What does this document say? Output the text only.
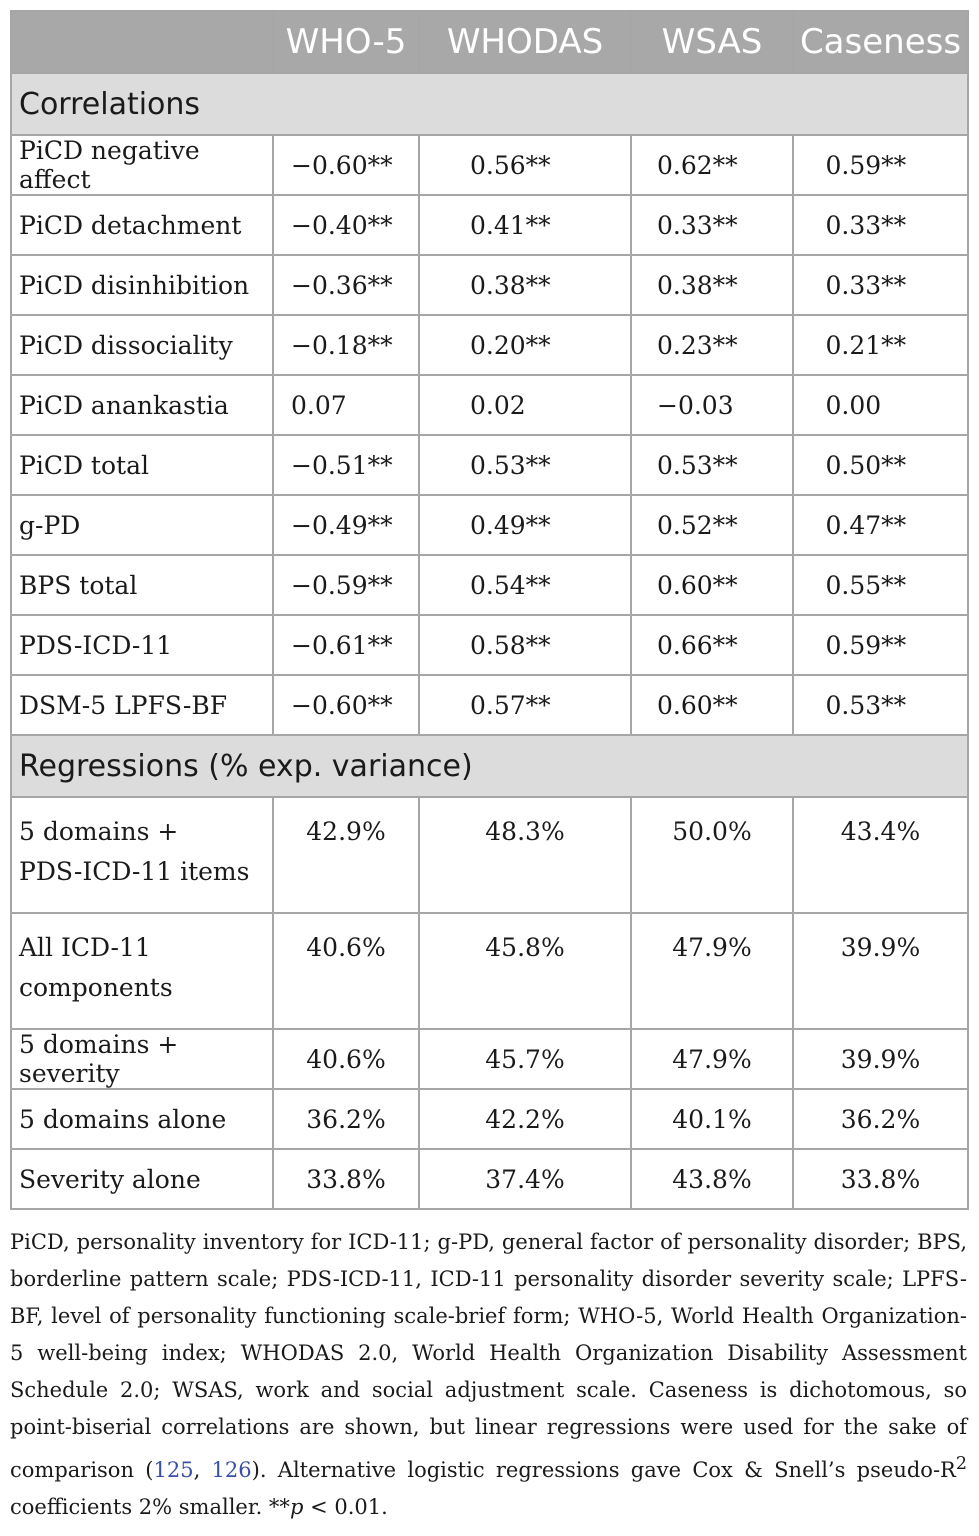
	WHO-5	WHODAS	WSAS	Caseness
Correlations				
PiCD negative affect	−0.60**	0.56**	0.62**	0.59**
PiCD detachment	−0.40**	0.41**	0.33**	0.33**
PiCD disinhibition	−0.36**	0.38**	0.38**	0.33**
PiCD dissociality	−0.18**	0.20**	0.23**	0.21**
PiCD anankastia	0.07	0.02	−0.03	0.00
PiCD total	−0.51**	0.53**	0.53**	0.50**
g-PD	−0.49**	0.49**	0.52**	0.47**
BPS total	−0.59**	0.54**	0.60**	0.55**
PDS-ICD-11	−0.61**	0.58**	0.66**	0.59**
DSM-5 LPFS-BF	−0.60**	0.57**	0.60**	0.53**
Regressions (% exp. variance)				
5 domains +
PDS-ICD-11 items	42.9%	48.3%	50.0%	43.4%
All ICD-11
components	40.6%	45.8%	47.9%	39.9%
5 domains + severity	40.6%	45.7%	47.9%	39.9%
5 domains alone	36.2%	42.2%	40.1%	36.2%
Severity alone	33.8%	37.4%	43.8%	33.8%
PiCD, personality inventory for ICD-11; g-PD, general factor of personality disorder; BPS, borderline pattern scale; PDS-ICD-11, ICD-11 personality disorder severity scale; LPFS-BF, level of personality functioning scale-brief form; WHO-5, World Health Organization-5 well-being index; WHODAS 2.0, World Health Organization Disability Assessment Schedule 2.0; WSAS, work and social adjustment scale. Caseness is dichotomous, so point-biserial correlations are shown, but linear regressions were used for the sake of comparison (125, 126). Alternative logistic regressions gave Cox & Snell’s pseudo-$R^2$ coefficients 2% smaller. **p < 0.01.
